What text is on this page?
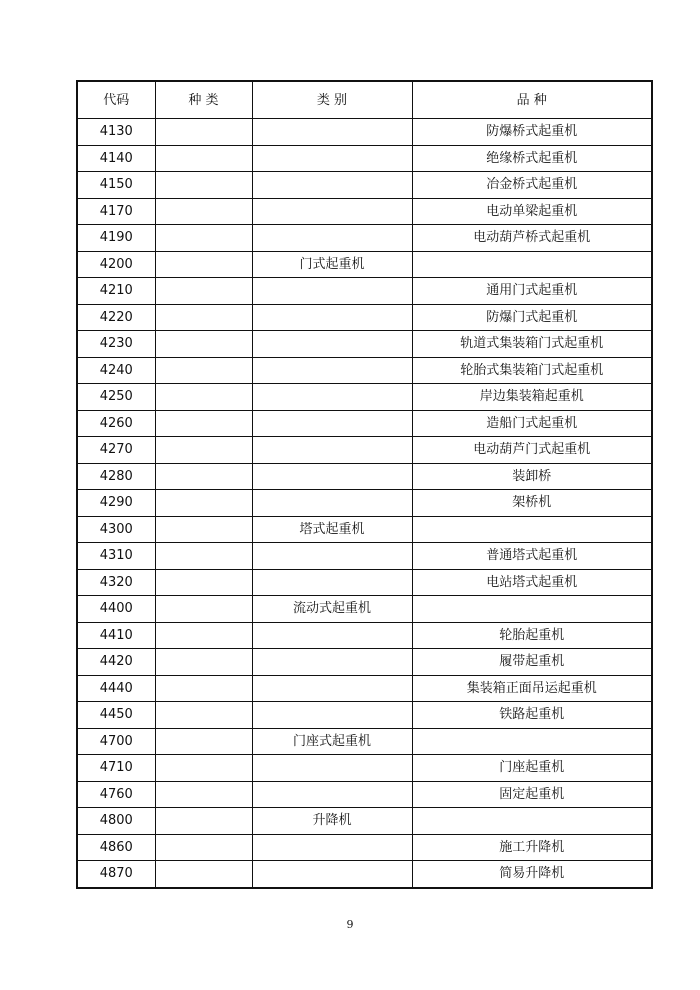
代码	种 类	类 别	品 种
4130			防爆桥式起重机
4140			绝缘桥式起重机
4150			冶金桥式起重机
4170			电动单梁起重机
4190			电动葫芦桥式起重机
4200		门式起重机	
4210			通用门式起重机
4220			防爆门式起重机
4230			轨道式集装箱门式起重机
4240			轮胎式集装箱门式起重机
4250			岸边集装箱起重机
4260			造船门式起重机
4270			电动葫芦门式起重机
4280			装卸桥
4290			架桥机
4300		塔式起重机	
4310			普通塔式起重机
4320			电站塔式起重机
4400		流动式起重机	
4410			轮胎起重机
4420			履带起重机
4440			集装箱正面吊运起重机
4450			铁路起重机
4700		门座式起重机	
4710			门座起重机
4760			固定起重机
4800		升降机	
4860			施工升降机
4870			简易升降机
9
